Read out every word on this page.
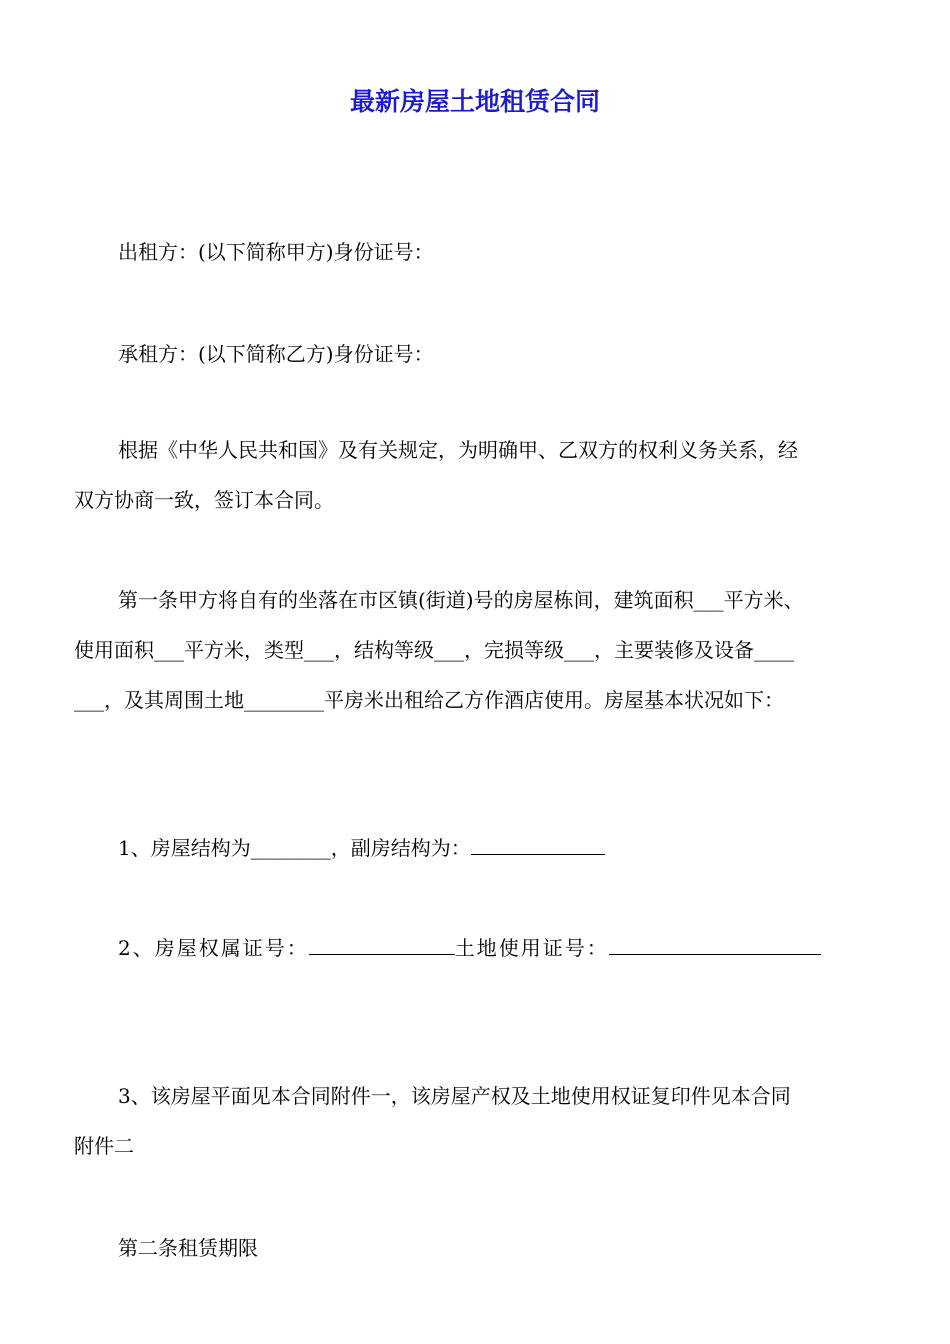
最新房屋土地租赁合同
出租方：(以下简称甲方)身份证号：
承租方：(以下简称乙方)身份证号：
根据《中华人民共和国》及有关规定，为明确甲、乙双方的权利义务关系，经
双方协商一致，签订本合同。
第一条甲方将自有的坐落在市区镇(街道)号的房屋栋间，建筑面积___平方米、
使用面积___平方米，类型___，结构等级___，完损等级___，主要装修及设备____
___，及其周围土地________平房米出租给乙方作酒店使用。房屋基本状况如下：
1、房屋结构为________，副房结构为：
2、房屋权属证号：	土地使用证号：
3、该房屋平面见本合同附件一，该房屋产权及土地使用权证复印件见本合同
附件二
第二条租赁期限
